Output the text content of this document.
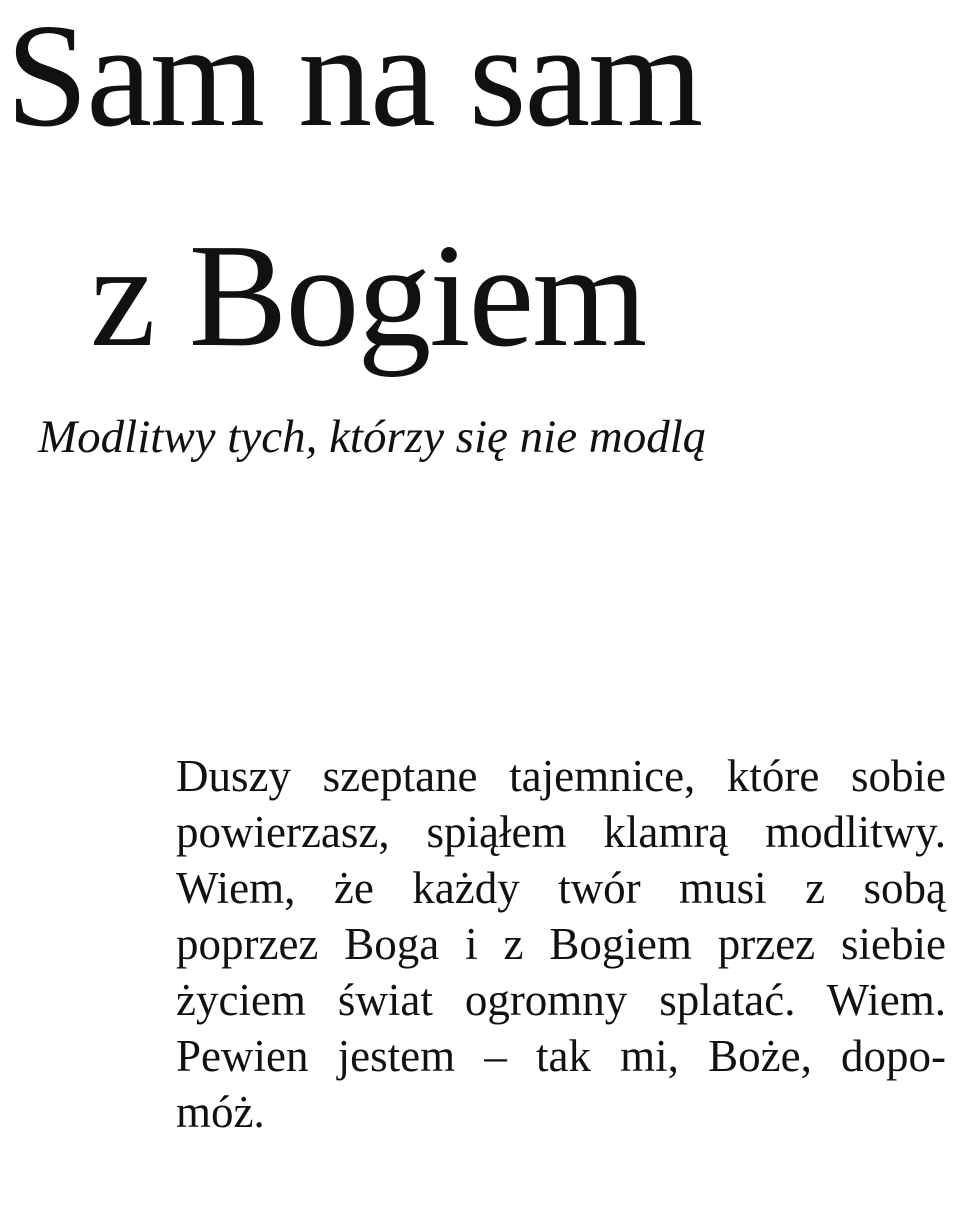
Sam na sam
z Bogiem

Modlitwy tych, którzy się nie modlą

Duszy szeptane tajemnice, które sobie
powierzasz, spiąłem klamrą modlitwy.
Wiem, że każdy twór musi z sobą
poprzez Boga i z Bogiem przez siebie
życiem świat ogromny splatać. Wiem.
Pewien jestem – tak mi, Boże, dopo-
móż.
